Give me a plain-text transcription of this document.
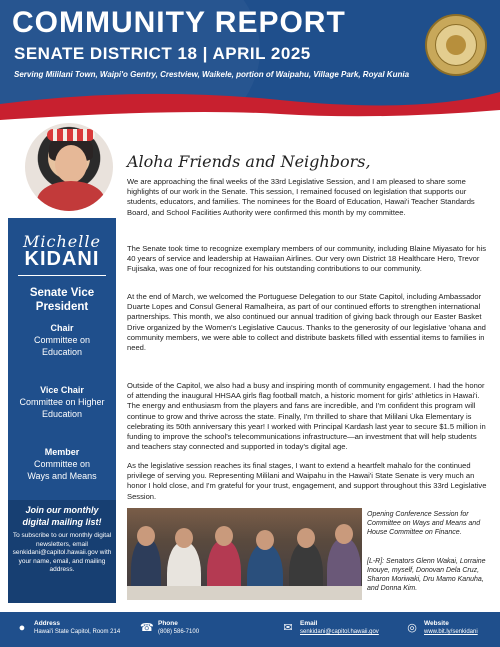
COMMUNITY REPORT
SENATE DISTRICT 18 | APRIL 2025
Serving Mililani Town, Waipi'o Gentry, Crestview, Waikele, portion of Waipahu, Village Park, Royal Kunia
Michelle
KIDANI
Senate Vice President
Chair
Committee on Education
Vice Chair
Committee on Higher Education
Member
Committee on Ways and Means
Join our monthly digital mailing list!
To subscribe to our monthly digital newsletters, email senkidani@capitol.hawaii.gov with your name, email, and mailing address.
Aloha Friends and Neighbors,
We are approaching the final weeks of the 33rd Legislative Session, and I am pleased to share some highlights of our work in the Senate. This session, I remained focused on legislation that supports our students, educators, and families. The nominees for the Board of Education, Hawai'i Teacher Standards Board, and School Facilities Authority were confirmed this month by my committee.
The Senate took time to recognize exemplary members of our community, including Blaine Miyasato for his 40 years of service and leadership at Hawaiian Airlines. Our very own District 18 Healthcare Hero, Trevor Fujisaka, was one of four recognized for his outstanding contributions to our community.
At the end of March, we welcomed the Portuguese Delegation to our State Capitol, including Ambassador Duarte Lopes and Consul General Ramalheira, as part of our continued efforts to strengthen international partnerships. This month, we also continued our annual tradition of giving back through our Easter Basket Drive organized by the Women's Legislative Caucus. Thanks to the generosity of our legislative 'ohana and community members, we were able to collect and distribute baskets filled with essential items to families in need.
Outside of the Capitol, we also had a busy and inspiring month of community engagement. I had the honor of attending the inaugural HHSAA girls flag football match, a historic moment for girls' athletics in Hawai'i. The energy and enthusiasm from the players and fans are incredible, and I'm confident this program will continue to grow and thrive across the state. Finally, I'm thrilled to share that Mililani Uka Elementary is celebrating its 50th anniversary this year! I worked with Principal Kardash last year to secure $1.5 million in funding to improve the school's telecommunications infrastructure—an investment that will help students and teachers stay connected and supported in today's digital age.
As the legislative session reaches its final stages, I want to extend a heartfelt mahalo for the continued privilege of serving you. Representing Mililani and Waipahu in the Hawai'i State Senate is very much an honor I hold close, and I'm grateful for your trust, engagement, and support throughout this 33rd Legislative Session.
Opening Conference Session for Committee on Ways and Means and House Committee on Finance.
[L-R]: Senators Glenn Wakai, Lorraine Inouye, myself, Donovan Dela Cruz, Sharon Moriwaki, Dru Mamo Kanuha, and Donna Kim.
●	Address
Hawai'i State Capitol, Room 214 ☎ Phone
(808) 586-7100	✉ Email
senkidani@capitol.hawaii.gov	◎ Website
www.bit.ly/senkidani
